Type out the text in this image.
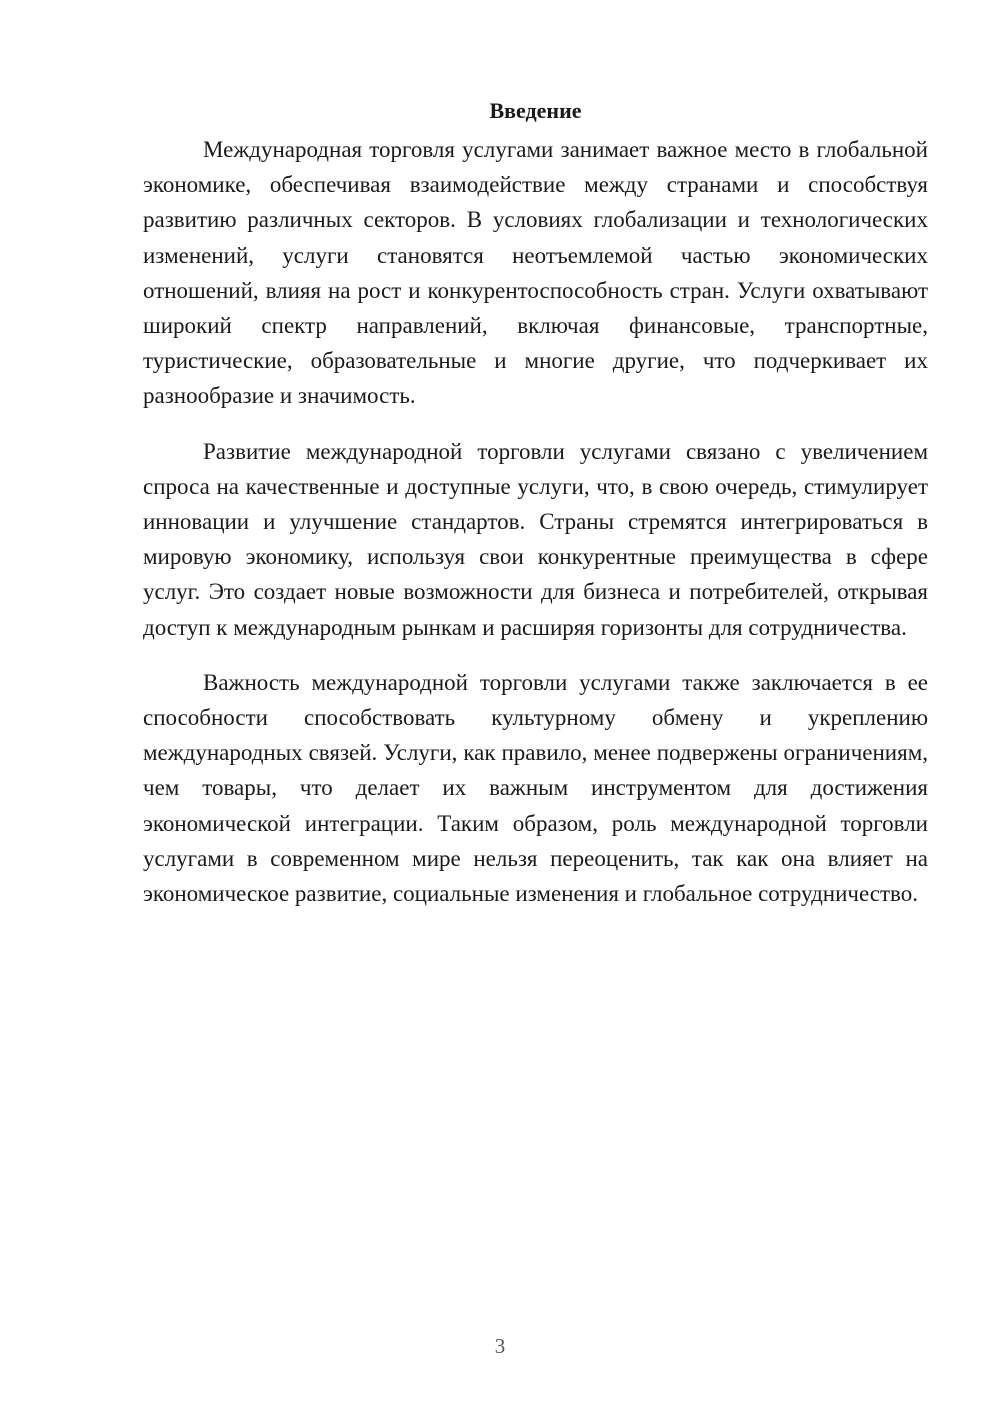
Введение

Международная торговля услугами занимает важное место в глобальной экономике, обеспечивая взаимодействие между странами и способствуя развитию различных секторов. В условиях глобализации и технологических изменений, услуги становятся неотъемлемой частью экономических отношений, влияя на рост и конкурентоспособность стран. Услуги охватывают широкий спектр направлений, включая финансовые, транспортные, туристические, образовательные и многие другие, что подчеркивает их разнообразие и значимость.

Развитие международной торговли услугами связано с увеличением спроса на качественные и доступные услуги, что, в свою очередь, стимулирует инновации и улучшение стандартов. Страны стремятся интегрироваться в мировую экономику, используя свои конкурентные преимущества в сфере услуг. Это создает новые возможности для бизнеса и потребителей, открывая доступ к международным рынкам и расширяя горизонты для сотрудничества.

Важность международной торговли услугами также заключается в ее способности способствовать культурному обмену и укреплению международных связей. Услуги, как правило, менее подвержены ограничениям, чем товары, что делает их важным инструментом для достижения экономической интеграции. Таким образом, роль международной торговли услугами в современном мире нельзя переоценить, так как она влияет на экономическое развитие, социальные изменения и глобальное сотрудничество.

3
